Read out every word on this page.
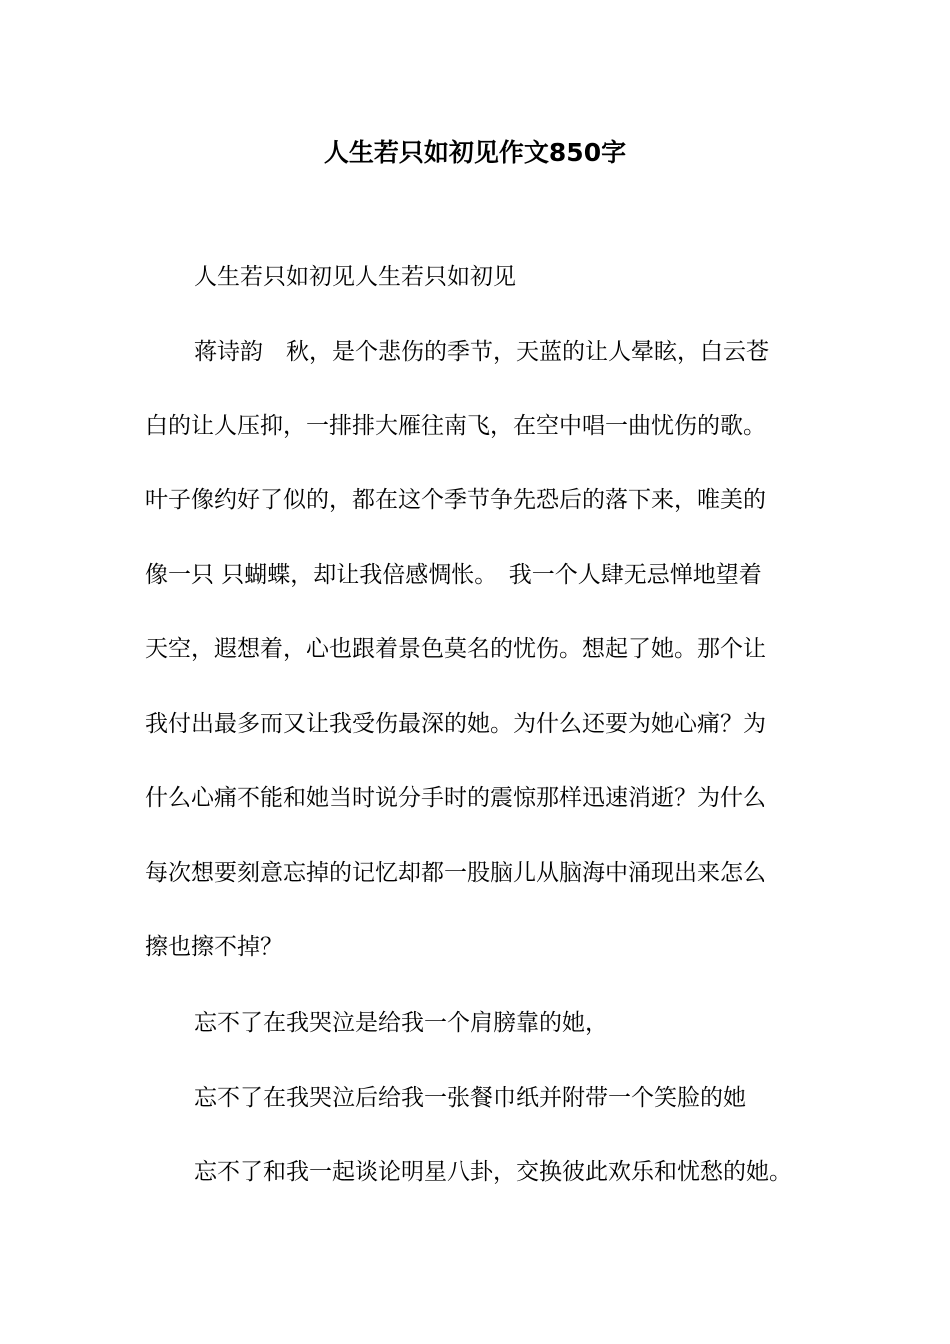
人生若只如初见作文850字
人生若只如初见人生若只如初见
蒋诗韵　秋，是个悲伤的季节，天蓝的让人晕眩，白云苍
白的让人压抑，一排排大雁往南飞，在空中唱一曲忧伤的歌。
叶子像约好了似的，都在这个季节争先恐后的落下来，唯美的
像一只 只蝴蝶，却让我倍感惆怅。　我一个人肆无忌惮地望着
天空，遐想着，心也跟着景色莫名的忧伤。想起了她。那个让
我付出最多而又让我受伤最深的她。为什么还要为她心痛？为
什么心痛不能和她当时说分手时的震惊那样迅速消逝？为什么
每次想要刻意忘掉的记忆却都一股脑儿从脑海中涌现出来怎么
擦也擦不掉？
忘不了在我哭泣是给我一个肩膀靠的她，
忘不了在我哭泣后给我一张餐巾纸并附带一个笑脸的她
忘不了和我一起谈论明星八卦，交换彼此欢乐和忧愁的她。
